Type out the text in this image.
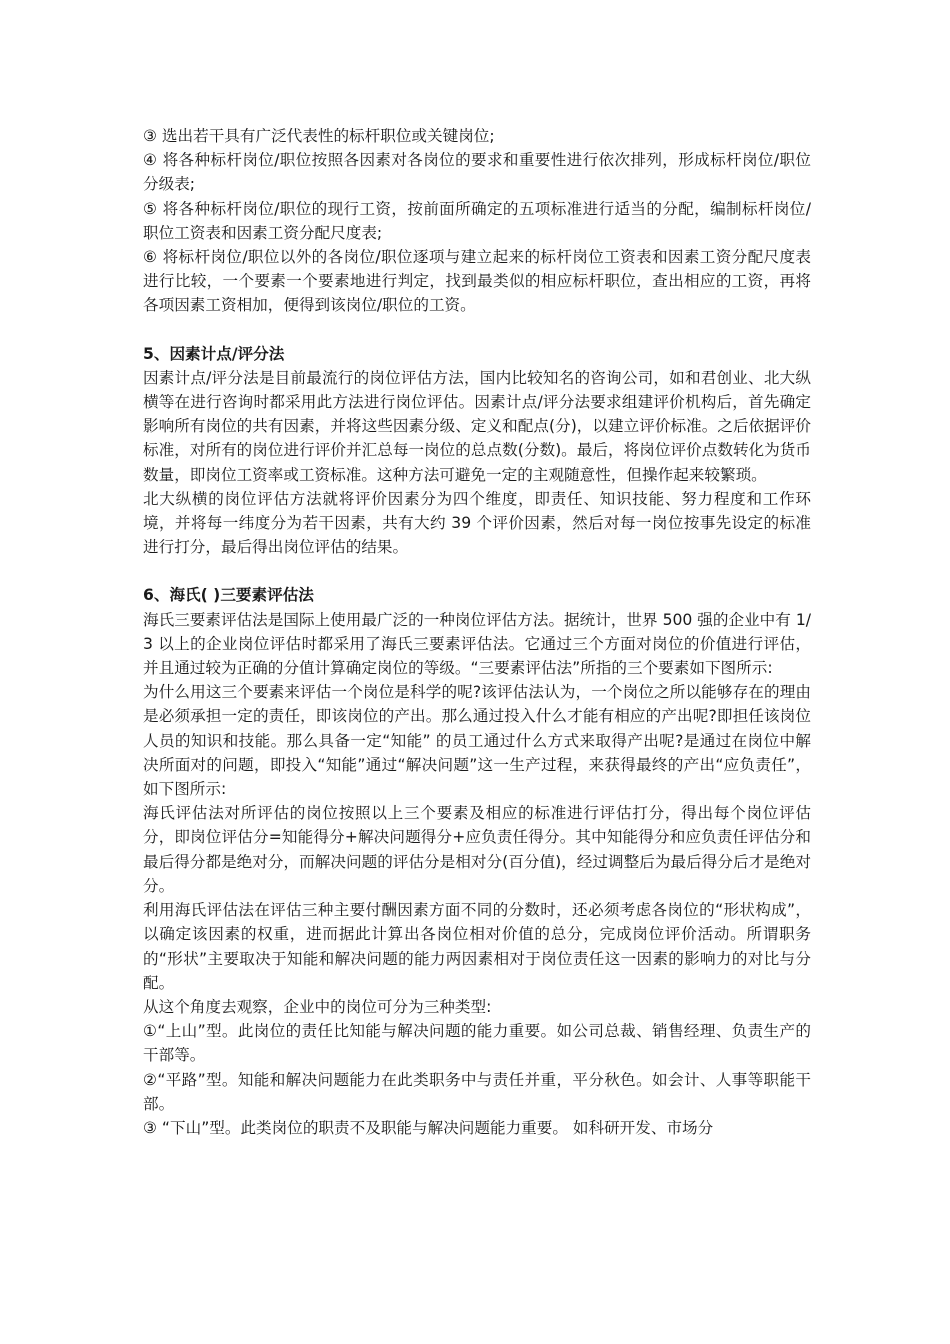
③ 选出若干具有广泛代表性的标杆职位或关键岗位;

④ 将各种标杆岗位/职位按照各因素对各岗位的要求和重要性进行依次排列，形成标杆岗位/职位分级表;

⑤ 将各种标杆岗位/职位的现行工资，按前面所确定的五项标准进行适当的分配，编制标杆岗位/职位工资表和因素工资分配尺度表;

⑥ 将标杆岗位/职位以外的各岗位/职位逐项与建立起来的标杆岗位工资表和因素工资分配尺度表进行比较，一个要素一个要素地进行判定，找到最类似的相应标杆职位，查出相应的工资，再将各项因素工资相加，便得到该岗位/职位的工资。

5、因素计点/评分法

因素计点/评分法是目前最流行的岗位评估方法，国内比较知名的咨询公司，如和君创业、北大纵横等在进行咨询时都采用此方法进行岗位评估。因素计点/评分法要求组建评价机构后，首先确定影响所有岗位的共有因素，并将这些因素分级、定义和配点(分)，以建立评价标准。之后依据评价标准，对所有的岗位进行评价并汇总每一岗位的总点数(分数)。最后，将岗位评价点数转化为货币数量，即岗位工资率或工资标准。这种方法可避免一定的主观随意性，但操作起来较繁琐。

北大纵横的岗位评估方法就将评价因素分为四个维度，即责任、知识技能、努力程度和工作环境，并将每一纬度分为若干因素，共有大约 39 个评价因素，然后对每一岗位按事先设定的标准进行打分，最后得出岗位评估的结果。

6、海氏( )三要素评估法

海氏三要素评估法是国际上使用最广泛的一种岗位评估方法。据统计，世界 500 强的企业中有 1/3 以上的企业岗位评估时都采用了海氏三要素评估法。它通过三个方面对岗位的价值进行评估，并且通过较为正确的分值计算确定岗位的等级。“三要素评估法”所指的三个要素如下图所示:

为什么用这三个要素来评估一个岗位是科学的呢?该评估法认为，一个岗位之所以能够存在的理由是必须承担一定的责任，即该岗位的产出。那么通过投入什么才能有相应的产出呢?即担任该岗位人员的知识和技能。那么具备一定“知能” 的员工通过什么方式来取得产出呢?是通过在岗位中解决所面对的问题，即投入“知能”通过“解决问题”这一生产过程，来获得最终的产出“应负责任”，如下图所示:

海氏评估法对所评估的岗位按照以上三个要素及相应的标准进行评估打分，得出每个岗位评估分，即岗位评估分=知能得分+解决问题得分+应负责任得分。其中知能得分和应负责任评估分和最后得分都是绝对分，而解决问题的评估分是相对分(百分值)，经过调整后为最后得分后才是绝对分。

利用海氏评估法在评估三种主要付酬因素方面不同的分数时，还必须考虑各岗位的“形状构成”，以确定该因素的权重，进而据此计算出各岗位相对价值的总分，完成岗位评价活动。所谓职务的“形状”主要取决于知能和解决问题的能力两因素相对于岗位责任这一因素的影响力的对比与分配。

从这个角度去观察，企业中的岗位可分为三种类型:

①“上山”型。此岗位的责任比知能与解决问题的能力重要。如公司总裁、销售经理、负责生产的干部等。

②“平路”型。知能和解决问题能力在此类职务中与责任并重，平分秋色。如会计、人事等职能干部。

③ “下山”型。此类岗位的职责不及职能与解决问题能力重要。 如科研开发、市场分
